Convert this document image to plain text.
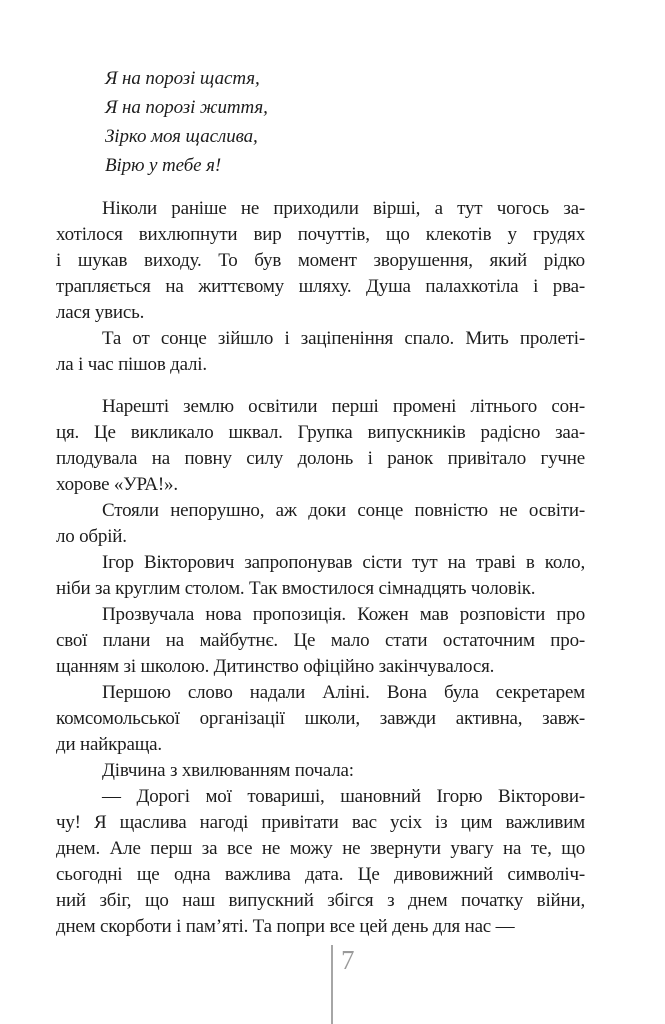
Я на порозі щастя,
Я на порозі життя,
Зірко моя щаслива,
Вірю у тебе я!
Ніколи раніше не приходили вірші, а тут чогось за-
хотілося вихлюпнути вир почуттів, що клекотів у грудях
і шукав виходу. То був момент зворушення, який рідко
трапляється на життєвому шляху. Душа палахкотіла і рва-
лася увись.
Та от сонце зійшло і заціпеніння спало. Мить пролеті-
ла і час пішов далі.
Нарешті землю освітили перші промені літнього сон-
ця. Це викликало шквал. Групка випускників радісно заа-
плодувала на повну силу долонь і ранок привітало гучне
хорове «УРА!».
Стояли непорушно, аж доки сонце повністю не освіти-
ло обрій.
Ігор Вікторович запропонував сісти тут на траві в коло,
ніби за круглим столом. Так вмостилося сімнадцять чоловік.
Прозвучала нова пропозиція. Кожен мав розповісти про
свої плани на майбутнє. Це мало стати остаточним про-
щанням зі школою. Дитинство офіційно закінчувалося.
Першою слово надали Аліні. Вона була секретарем
комсомольської організації школи, завжди активна, завж-
ди найкраща.
Дівчина з хвилюванням почала:
— Дорогі мої товариші, шановний Ігорю Вікторови-
чу! Я щаслива нагоді привітати вас усіх із цим важливим
днем. Але перш за все не можу не звернути увагу на те, що
сьогодні ще одна важлива дата. Це дивовижний символіч-
ний збіг, що наш випускний збігся з днем початку війни,
днем скорботи і пам’яті. Та попри все цей день для нас —
7
